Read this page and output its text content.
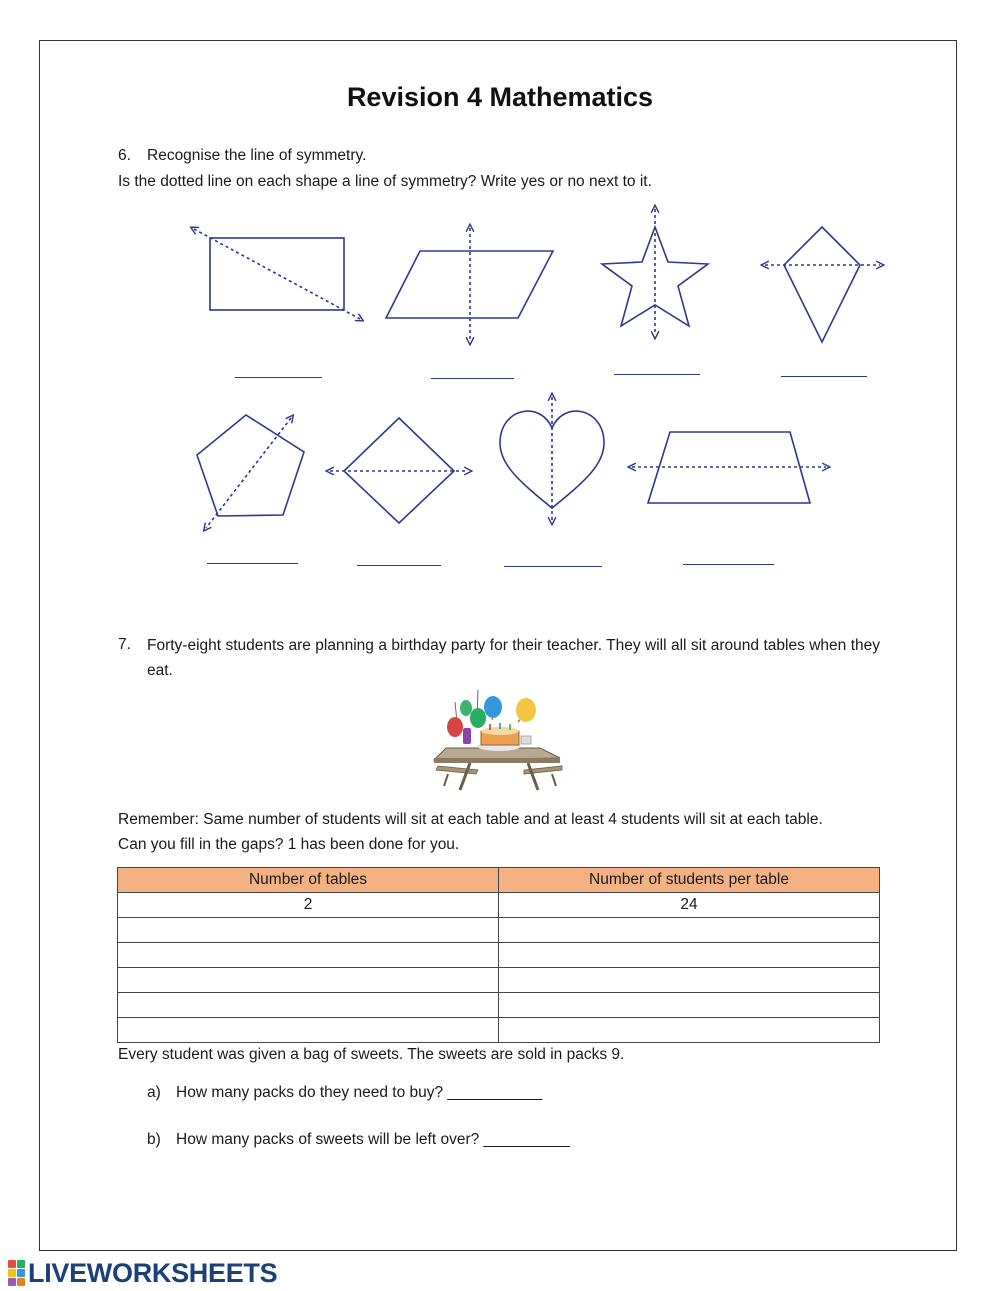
Revision 4 Mathematics
6. Recognise the line of symmetry.
Is the dotted line on each shape a line of symmetry? Write yes or no next to it.
7. Forty-eight students are planning a birthday party for their teacher. They will all sit around tables when they eat.
Remember: Same number of students will sit at each table and at least 4 students will sit at each table.
Can you fill in the gaps? 1 has been done for you.
Number of tables	Number of students per table
2	24

Every student was given a bag of sweets. The sweets are sold in packs 9.
a) How many packs do they need to buy? ___________
b) How many packs of sweets will be left over? __________
LIVEWORKSHEETS
